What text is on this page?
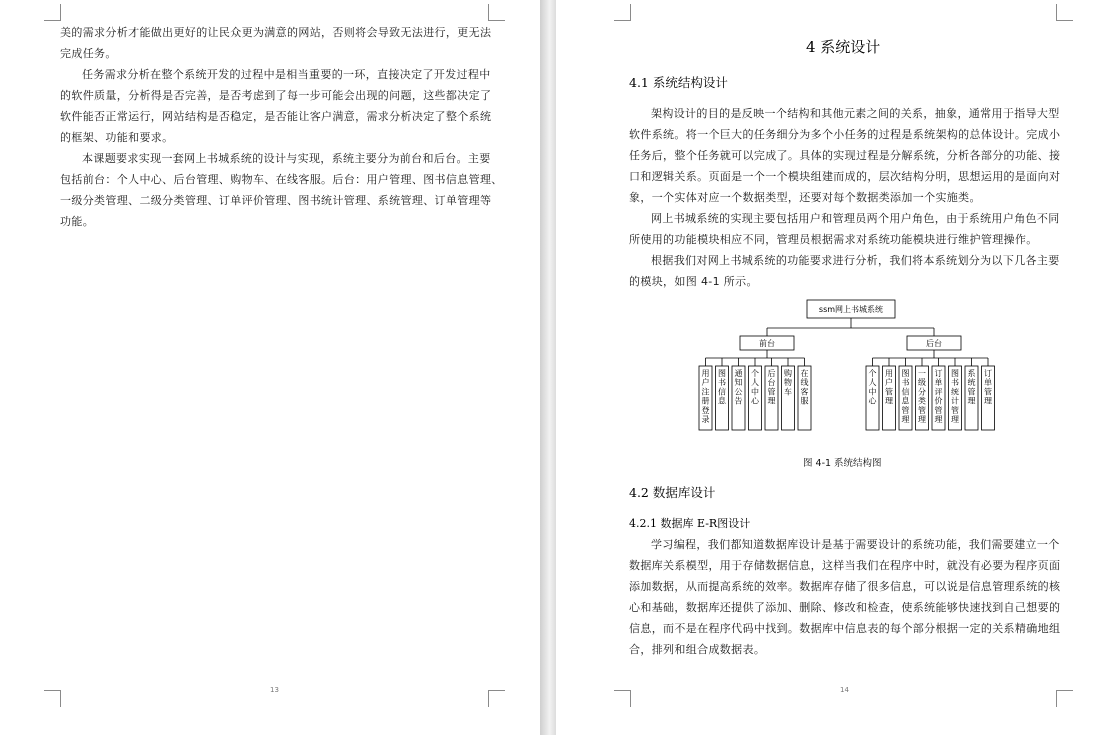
美的需求分析才能做出更好的让民众更为满意的网站，否则将会导致无法进行，更无法
完成任务。
任务需求分析在整个系统开发的过程中是相当重要的一环，直接决定了开发过程中
的软件质量，分析得是否完善，是否考虑到了每一步可能会出现的问题，这些都决定了
软件能否正常运行，网站结构是否稳定，是否能让客户满意，需求分析决定了整个系统
的框架、功能和要求。
本课题要求实现一套网上书城系统的设计与实现，系统主要分为前台和后台。主要
包括前台：个人中心、后台管理、购物车、在线客服。后台：用户管理、图书信息管理、
一级分类管理、二级分类管理、订单评价管理、图书统计管理、系统管理、订单管理等
功能。
13
4 系统设计
4.1 系统结构设计
架构设计的目的是反映一个结构和其他元素之间的关系，抽象，通常用于指导大型
软件系统。将一个巨大的任务细分为多个小任务的过程是系统架构的总体设计。完成小
任务后，整个任务就可以完成了。具体的实现过程是分解系统，分析各部分的功能、接
口和逻辑关系。页面是一个一个模块组建而成的，层次结构分明，思想运用的是面向对
象，一个实体对应一个数据类型，还要对每个数据类添加一个实施类。
网上书城系统的实现主要包括用户和管理员两个用户角色，由于系统用户角色不同
所使用的功能模块相应不同，管理员根据需求对系统功能模块进行维护管理操作。
根据我们对网上书城系统的功能要求进行分析，我们将本系统划分为以下几各主要
的模块，如图 4-1 所示。
ssm网上书城系统
前台
用户注册登录
图书信息
通知公告
个人中心
后台管理
购物车
在线客服
后台
个人中心
用户管理
图书信息管理
一级分类管理
订单评价管理
图书统计管理
系统管理
订单管理
图 4-1 系统结构图
4.2 数据库设计
4.2.1 数据库 E-R图设计
学习编程，我们都知道数据库设计是基于需要设计的系统功能，我们需要建立一个
数据库关系模型，用于存储数据信息，这样当我们在程序中时，就没有必要为程序页面
添加数据，从而提高系统的效率。数据库存储了很多信息，可以说是信息管理系统的核
心和基础，数据库还提供了添加、删除、修改和检查，使系统能够快速找到自己想要的
信息，而不是在程序代码中找到。数据库中信息表的每个部分根据一定的关系精确地组
合，排列和组合成数据表。
14
